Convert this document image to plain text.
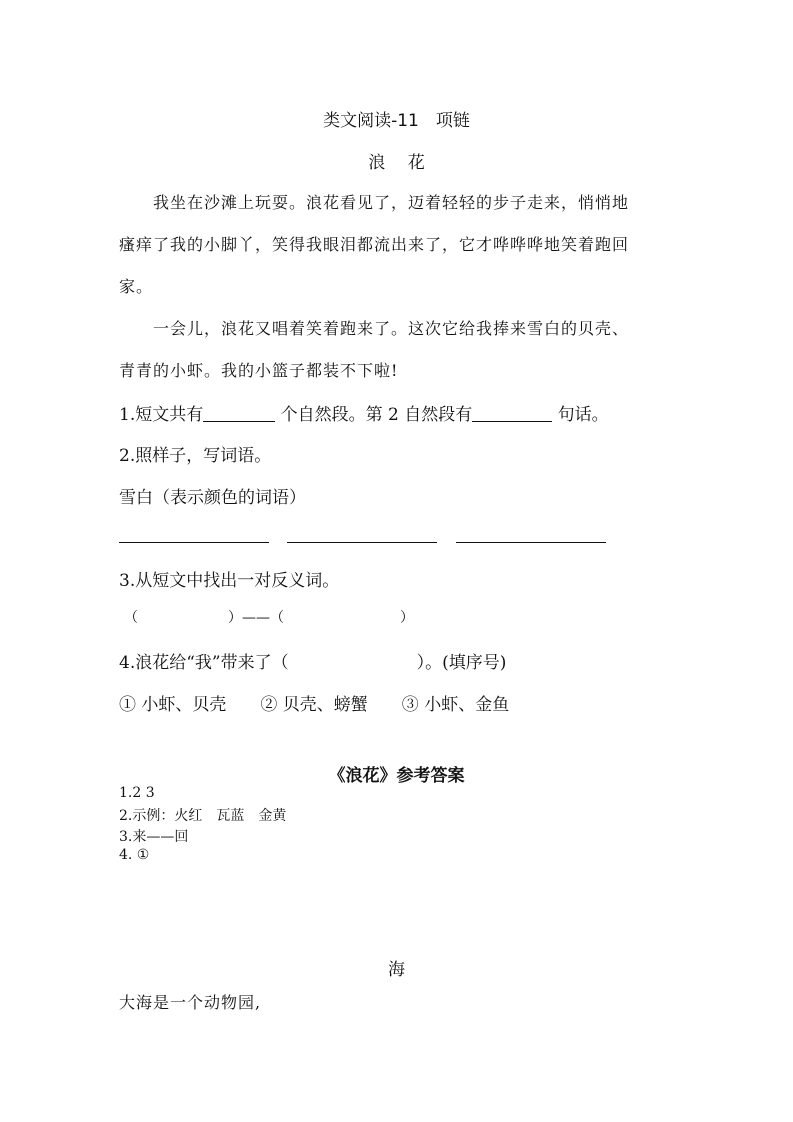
类文阅读-11　项链
浪　 花
我坐在沙滩上玩耍。浪花看见了，迈着轻轻的步子走来，悄悄地
瘙痒了我的小脚丫，笑得我眼泪都流出来了，它才哗哗哗地笑着跑回
家。
一会儿，浪花又唱着笑着跑来了。这次它给我捧来雪白的贝壳、
青青的小虾。我的小篮子都装不下啦!
1.短文共有	个自然段。第 2 自然段有	句话。
2.照样子，写词语。
雪白（表示颜色的词语）
3.从短文中找出一对反义词。
（	）——（	）
4.浪花给“我”带来了（	）。(填序号)
① 小虾、贝壳　　② 贝壳、螃蟹　　③ 小虾、金鱼
《浪花》参考答案
1.2 3
2.示例：火红　瓦蓝　金黄
3.来——回
4. ①
海
大海是一个动物园,
